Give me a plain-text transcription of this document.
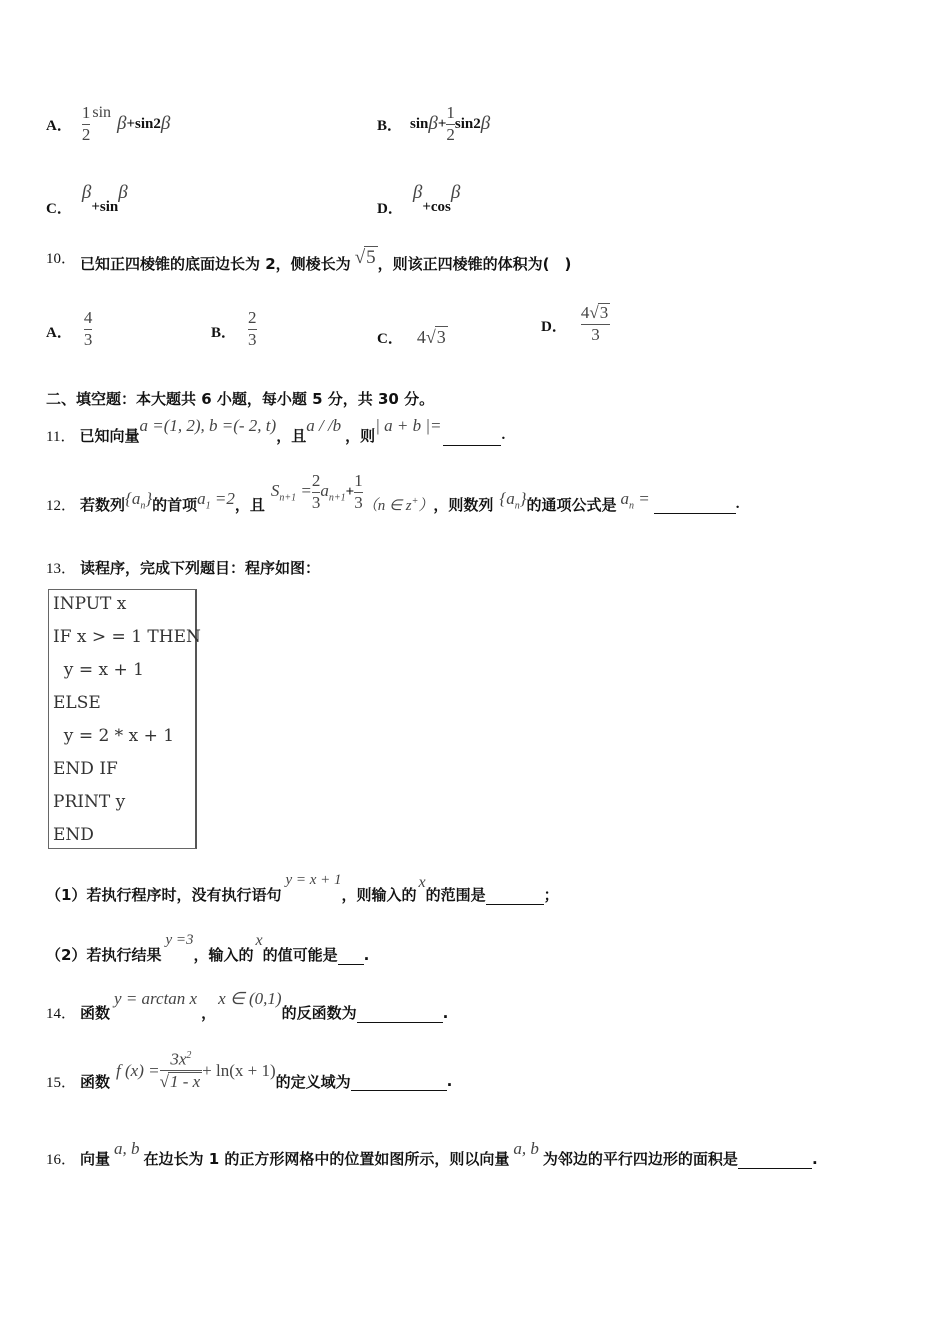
A． $\frac{1}{2}$ sin
β +sin2 β	B． $\sin \beta + \frac{1}{2} \sin 2$ β
C．
β
+sin
β
D．
β
+cos
β
10． 已知正四棱锥的底面边长为 2，侧棱长为 √5 ，则该正四棱锥的体积为(　)
A． $\frac{4}{3}$	B． $\frac{2}{3}$	C． 4 √3	D． $\frac{4√3}{3}$
二、填空题：本大题共 6 小题，每小题 5 分，共 30 分。
11． 已知向量
a =(1, 2), b =(- 2, t)
，且
a / /b
，则
| a + b |=

.
12． 若数列 $\{a_n\}$ 的首项 $a_1 =2$ ，且
$S_{n+1} = \frac{2}{3} a_{n+1} + \frac{1}{3} (n$ ∈ z+） ，则数列 $\{a_n\}$ 的通项公式是 $a_n$ =
	.
13． 读程序，完成下列题目：程序如图：
INPUT x
IF x > = 1 THEN
y = x + 1
ELSE
y = 2 * x + 1
END IF
PRINT y
END
（1） 若执行程序时，没有执行语句
y = x + 1
，则输入的
x
的范围是
	；
（2） 若执行结果
y =3
，输入的
x
的值可能是
.
14． 函数
y = arctan x
，
x ∈ (0,1)
的反函数为
	.
15． 函数
f $(x) = \frac{3x^2}{√1 - x} + \ln(x + 1)$
的定义域为
	.
16． 向量
a, b
在边长为 1 的正方形网格中的位置如图所示，则以向量
a, b
为邻边的平行四边形的面积是
	.
